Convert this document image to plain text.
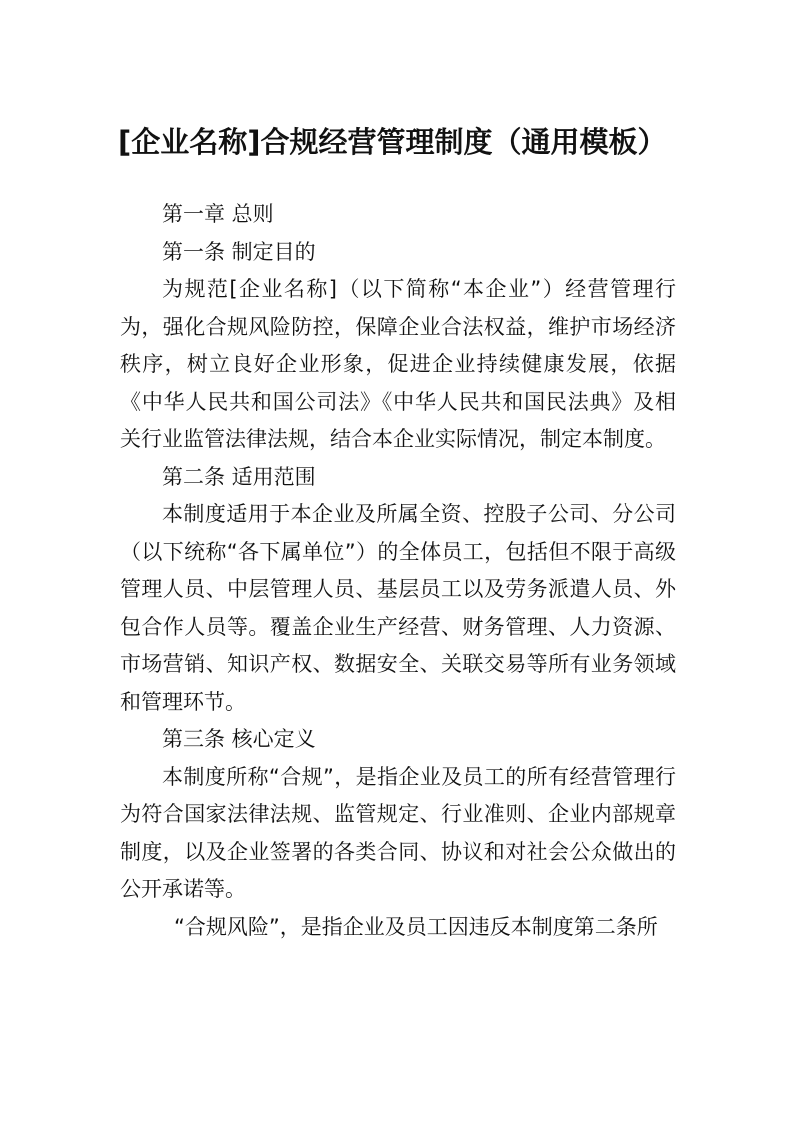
[企业名称]合规经营管理制度（通用模板）
第一章 总则
第一条 制定目的
为规范[企业名称]（以下简称“本企业”）经营管理行为，强化合规风险防控，保障企业合法权益，维护市场经济秩序，树立良好企业形象，促进企业持续健康发展，依据《中华人民共和国公司法》《中华人民共和国民法典》及相关行业监管法律法规，结合本企业实际情况，制定本制度。
第二条 适用范围
本制度适用于本企业及所属全资、控股子公司、分公司（以下统称“各下属单位”）的全体员工，包括但不限于高级管理人员、中层管理人员、基层员工以及劳务派遣人员、外包合作人员等。覆盖企业生产经营、财务管理、人力资源、市场营销、知识产权、数据安全、关联交易等所有业务领域和管理环节。
第三条 核心定义
本制度所称“合规”，是指企业及员工的所有经营管理行为符合国家法律法规、监管规定、行业准则、企业内部规章制度，以及企业签署的各类合同、协议和对社会公众做出的公开承诺等。
“合规风险”，是指企业及员工因违反本制度第二条所
